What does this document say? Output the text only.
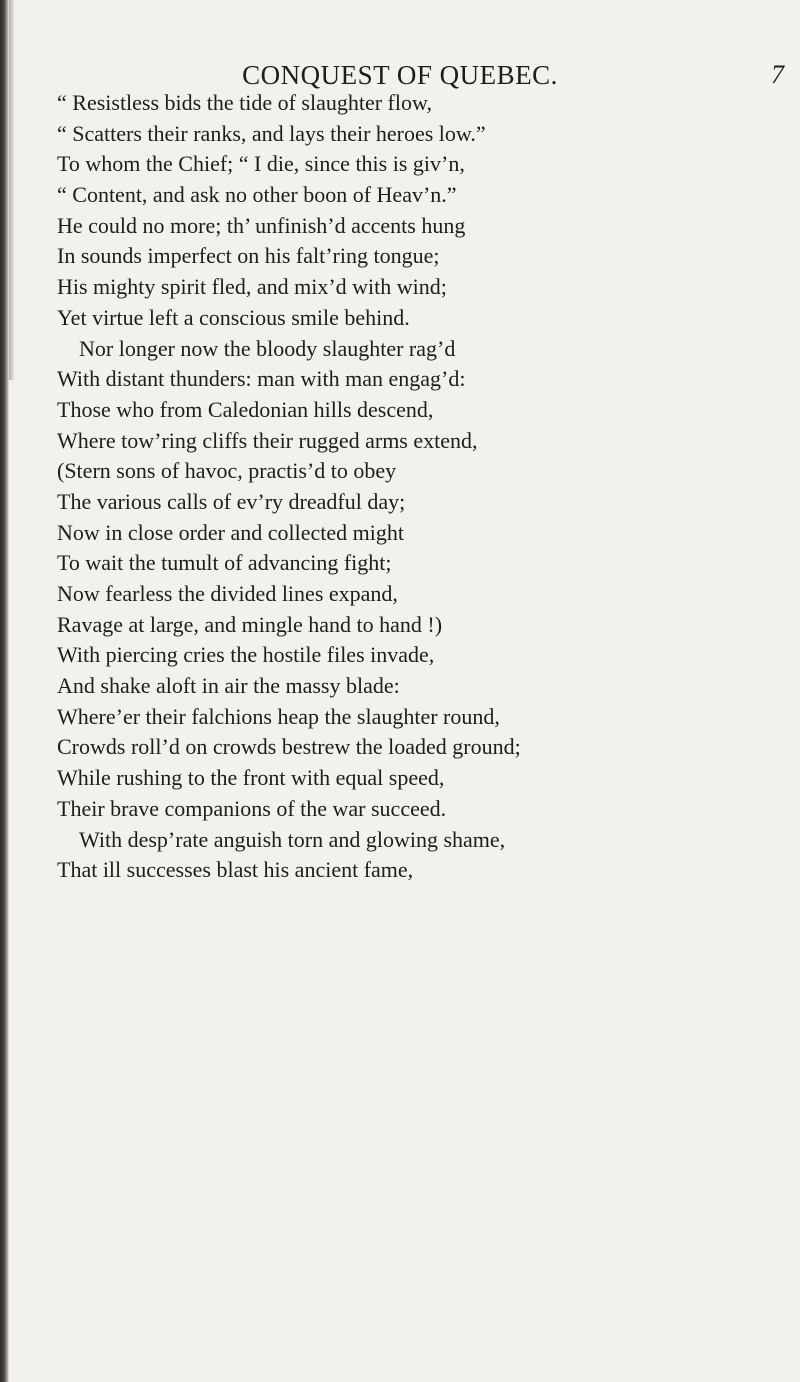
CONQUEST OF QUEBEC.	7
“ Resistless bids the tide of slaughter flow,
“ Scatters their ranks, and lays their heroes low.”
To whom the Chief; “ I die, since this is giv’n,
“ Content, and ask no other boon of Heav’n.”
He could no more; th’ unfinish’d accents hung
In sounds imperfect on his falt’ring tongue;
His mighty spirit fled, and mix’d with wind;
Yet virtue left a conscious smile behind.
Nor longer now the bloody slaughter rag’d
With distant thunders: man with man engag’d:
Those who from Caledonian hills descend,
Where tow’ring cliffs their rugged arms extend,
(Stern sons of havoc, practis’d to obey
The various calls of ev’ry dreadful day;
Now in close order and collected might
To wait the tumult of advancing fight;
Now fearless the divided lines expand,
Ravage at large, and mingle hand to hand !)
With piercing cries the hostile files invade,
And shake aloft in air the massy blade:
Where’er their falchions heap the slaughter round,
Crowds roll’d on crowds bestrew the loaded ground;
While rushing to the front with equal speed,
Their brave companions of the war succeed.
With desp’rate anguish torn and glowing shame,
That ill successes blast his ancient fame,
